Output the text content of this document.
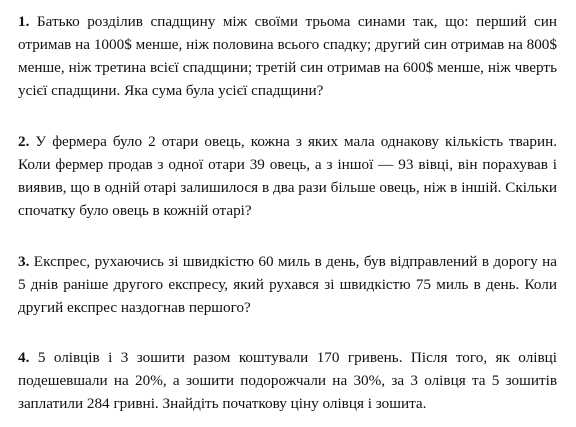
1. Батько розділив спадщину між своїми трьома синами так, що: перший син отримав на 1000$ менше, ніж половина всього спадку; другий син отримав на 800$ менше, ніж третина всієї спадщини; третій син отримав на 600$ менше, ніж чверть усієї спадщини. Яка сума була усієї спадщини?

2. У фермера було 2 отари овець, кожна з яких мала однакову кількість тварин. Коли фермер продав з одної отари 39 овець, а з іншої — 93 вівці, він порахував і виявив, що в одній отарі залишилося в два рази більше овець, ніж в іншій. Скільки спочатку було овець в кожній отарі?

3. Експрес, рухаючись зі швидкістю 60 миль в день, був відправлений в дорогу на 5 днів раніше другого експресу, який рухався зі швидкістю 75 миль в день. Коли другий експрес наздогнав першого?

4. 5 олівців і 3 зошити разом коштували 170 гривень. Після того, як олівці подешевшали на 20%, а зошити подорожчали на 30%, за 3 олівця та 5 зошитів заплатили 284 гривні. Знайдіть початкову ціну олівця і зошита.
